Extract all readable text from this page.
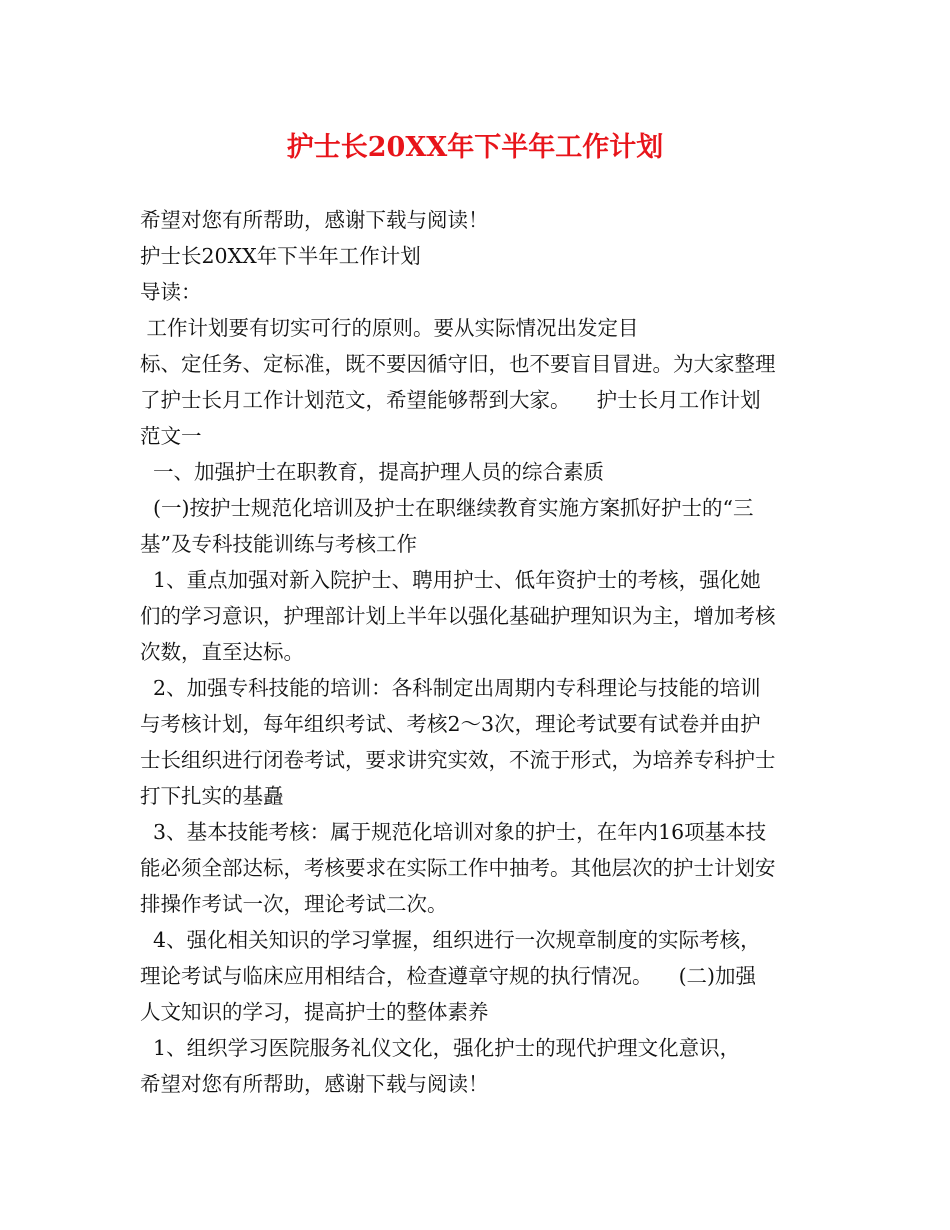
护士长20XX年下半年工作计划
希望对您有所帮助，感谢下载与阅读！
护士长20XX年下半年工作计划
导读：
工作计划要有切实可行的原则。要从实际情况出发定目
标、定任务、定标准，既不要因循守旧，也不要盲目冒进。为大家整理
了护士长月工作计划范文，希望能够帮到大家。    护士长月工作计划
范文一
一、加强护士在职教育，提高护理人员的综合素质
(一)按护士规范化培训及护士在职继续教育实施方案抓好护士的“三
基”及专科技能训练与考核工作
1、重点加强对新入院护士、聘用护士、低年资护士的考核，强化她
们的学习意识，护理部计划上半年以强化基础护理知识为主，增加考核
次数，直至达标。
2、加强专科技能的培训：各科制定出周期内专科理论与技能的培训
与考核计划，每年组织考试、考核2～3次，理论考试要有试卷并由护
士长组织进行闭卷考试，要求讲究实效，不流于形式，为培养专科护士
打下扎实的基矗
3、基本技能考核：属于规范化培训对象的护士，在年内16项基本技
能必须全部达标，考核要求在实际工作中抽考。其他层次的护士计划安
排操作考试一次，理论考试二次。
4、强化相关知识的学习掌握，组织进行一次规章制度的实际考核，
理论考试与临床应用相结合，检查遵章守规的执行情况。    (二)加强
人文知识的学习，提高护士的整体素养
1、组织学习医院服务礼仪文化，强化护士的现代护理文化意识，
希望对您有所帮助，感谢下载与阅读！
